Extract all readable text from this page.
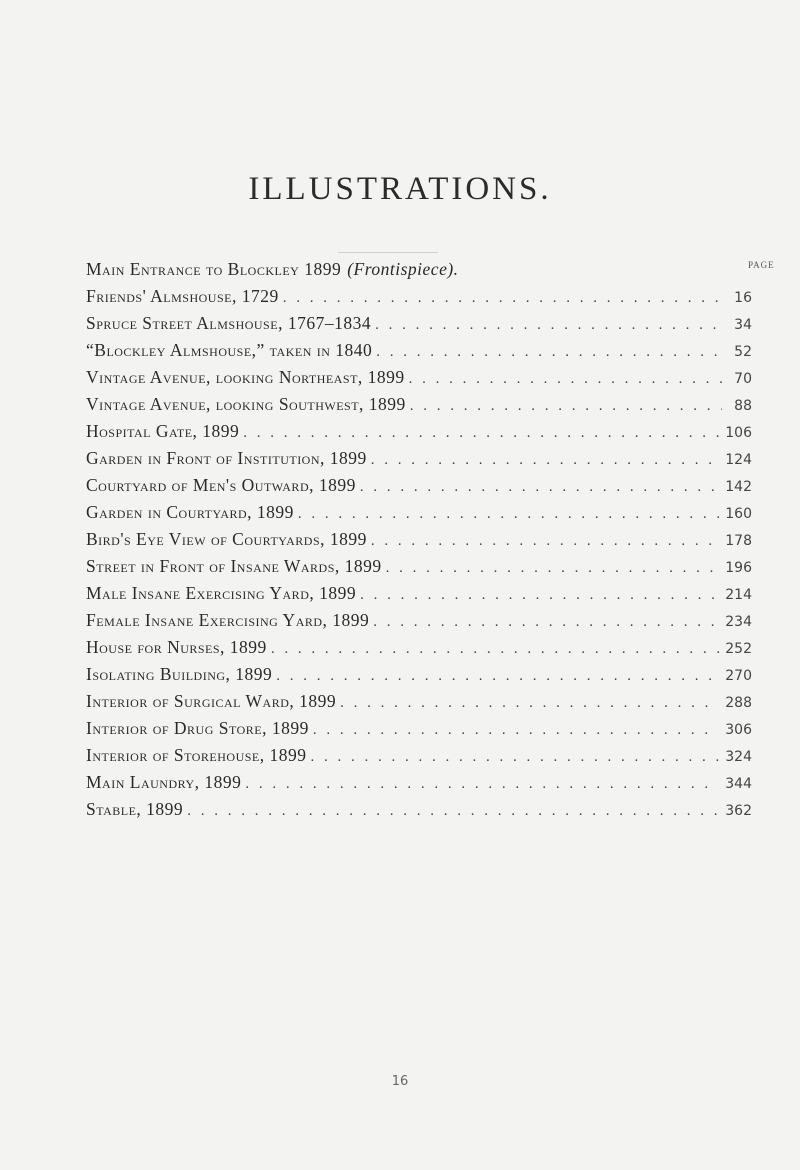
ILLUSTRATIONS.
PAGE
Main Entrance to Blockley 1899 (Frontispiece).
Friends' Almshouse, 1729 . . .	16
Spruce Street Almshouse, 1767–1834 . . .	34
“Blockley Almshouse,” taken in 1840 . . .	52
Vintage Avenue, looking Northeast, 1899 . . .	70
Vintage Avenue, looking Southwest, 1899 . . .	88
Hospital Gate, 1899 . . .	106
Garden in Front of Institution, 1899 . . .	124
Courtyard of Men's Outward, 1899 . . .	142
Garden in Courtyard, 1899 . . .	160
Bird's Eye View of Courtyards, 1899 . . .	178
Street in Front of Insane Wards, 1899 . . .	196
Male Insane Exercising Yard, 1899 . . .	214
Female Insane Exercising Yard, 1899 . . .	234
House for Nurses, 1899 . . .	252
Isolating Building, 1899 . . .	270
Interior of Surgical Ward, 1899 . . .	288
Interior of Drug Store, 1899 . . .	306
Interior of Storehouse, 1899 . . .	324
Main Laundry, 1899 . . .	344
Stable, 1899 . . .	362
16
